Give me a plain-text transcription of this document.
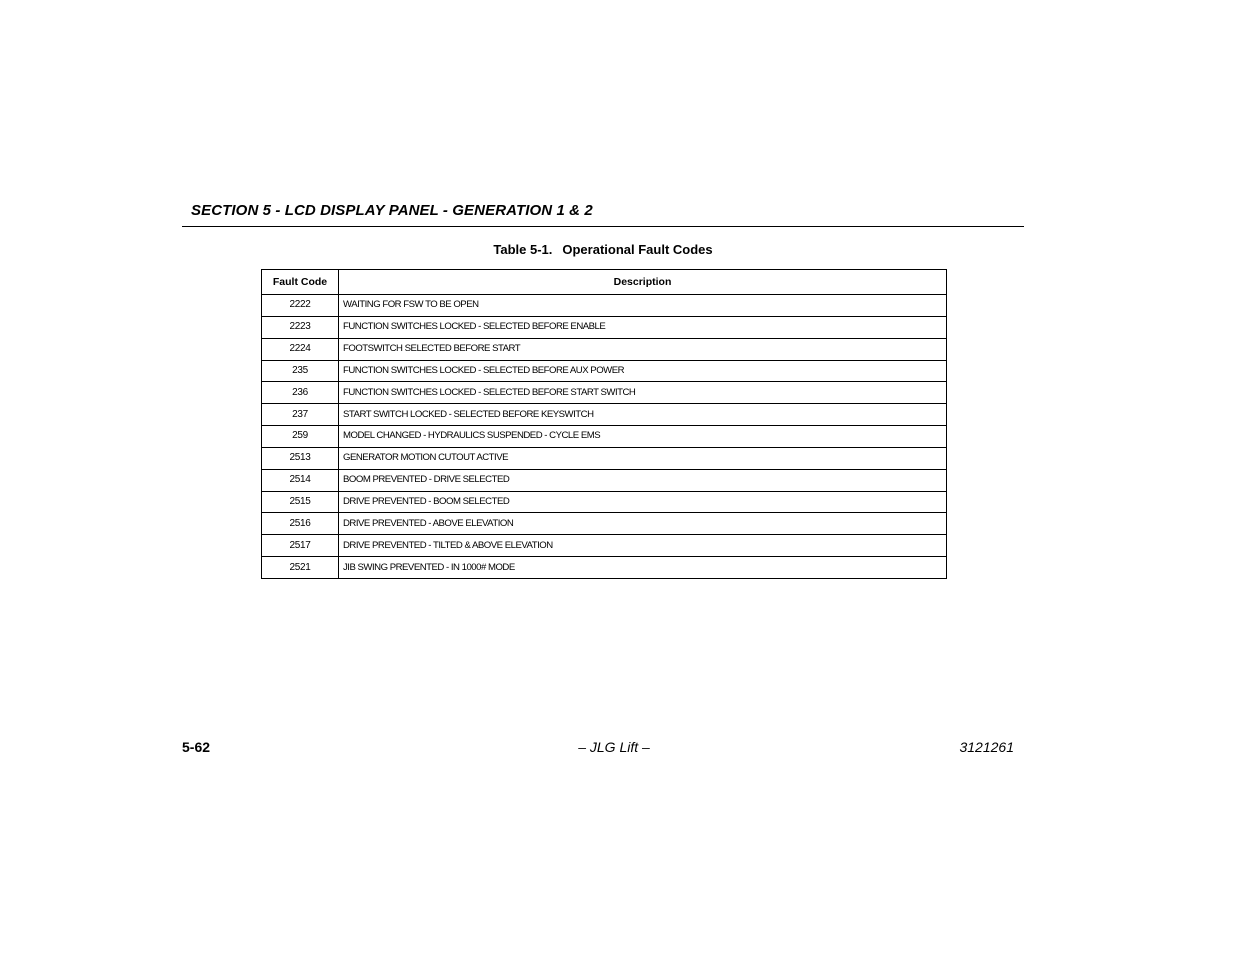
SECTION 5 - LCD DISPLAY PANEL - GENERATION 1 & 2
Table 5-1. Operational Fault Codes
Fault Code	Description
2222	WAITING FOR FSW TO BE OPEN
2223	FUNCTION SWITCHES LOCKED - SELECTED BEFORE ENABLE
2224	FOOTSWITCH SELECTED BEFORE START
235	FUNCTION SWITCHES LOCKED - SELECTED BEFORE AUX POWER
236	FUNCTION SWITCHES LOCKED - SELECTED BEFORE START SWITCH
237	START SWITCH LOCKED - SELECTED BEFORE KEYSWITCH
259	MODEL CHANGED - HYDRAULICS SUSPENDED - CYCLE EMS
2513	GENERATOR MOTION CUTOUT ACTIVE
2514	BOOM PREVENTED - DRIVE SELECTED
2515	DRIVE PREVENTED - BOOM SELECTED
2516	DRIVE PREVENTED - ABOVE ELEVATION
2517	DRIVE PREVENTED - TILTED & ABOVE ELEVATION
2521	JIB SWING PREVENTED - IN 1000# MODE
5-62	– JLG Lift –	3121261
